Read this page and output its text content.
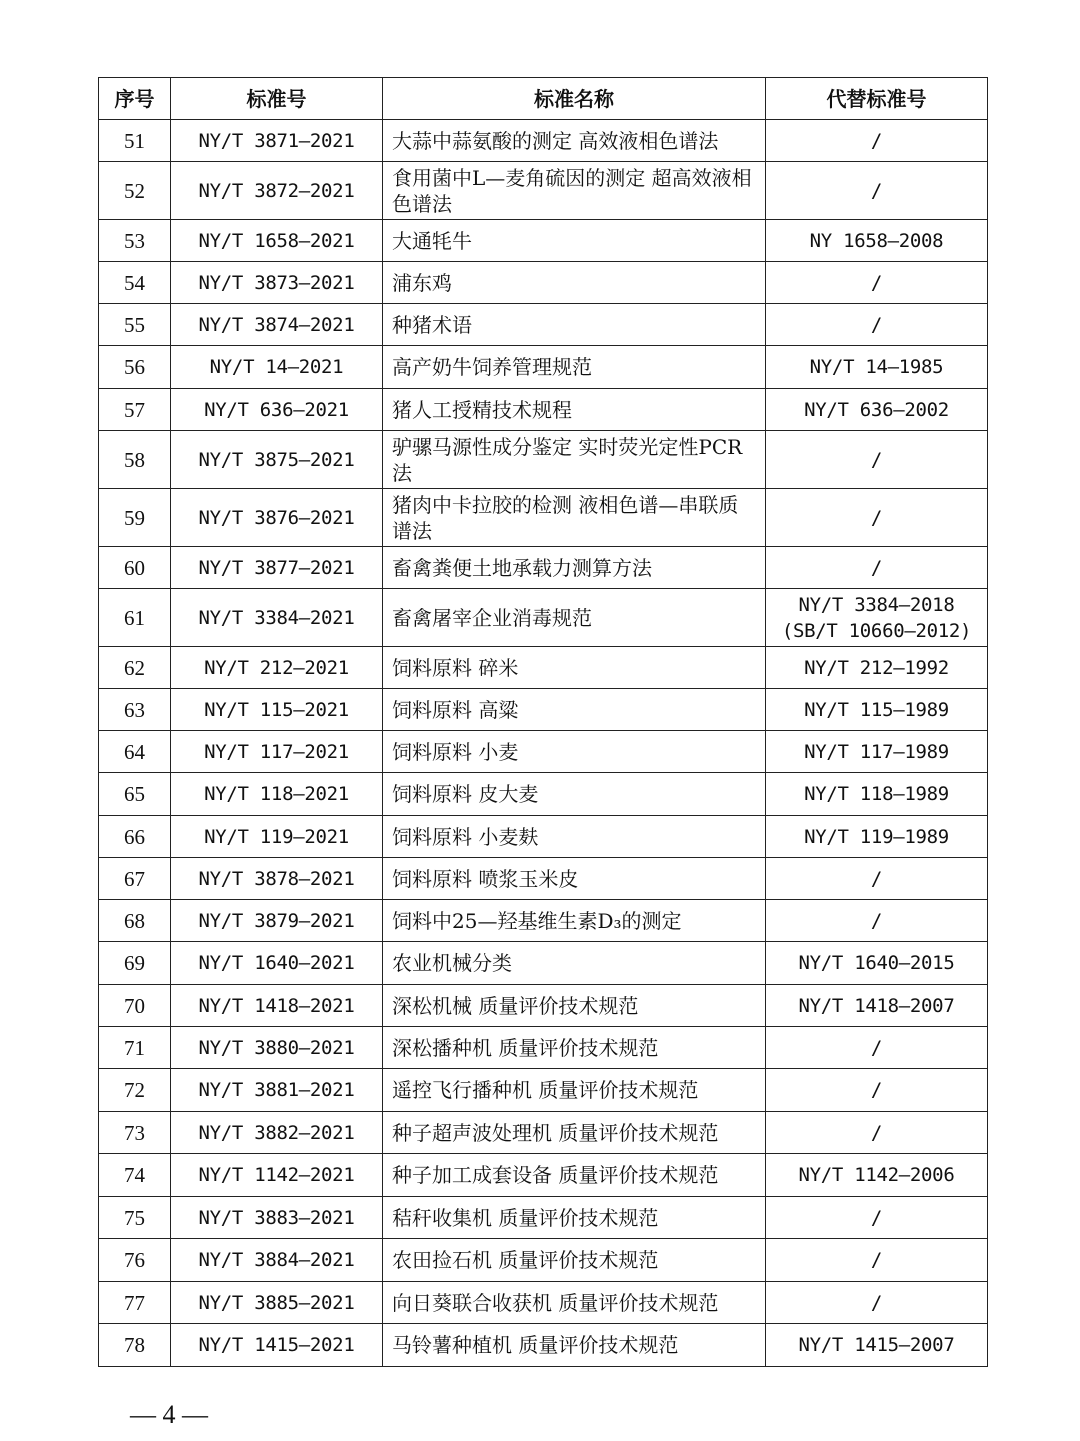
序号	标准号	标准名称	代替标准号
51	NY/T 3871—2021	大蒜中蒜氨酸的测定 高效液相色谱法	/
52	NY/T 3872—2021	食用菌中L—麦角硫因的测定 超高效液相色谱法	/
53	NY/T 1658—2021	大通牦牛	NY 1658—2008
54	NY/T 3873—2021	浦东鸡	/
55	NY/T 3874—2021	种猪术语	/
56	NY/T 14—2021	高产奶牛饲养管理规范	NY/T 14—1985
57	NY/T 636—2021	猪人工授精技术规程	NY/T 636—2002
58	NY/T 3875—2021	驴骡马源性成分鉴定 实时荧光定性PCR法	/
59	NY/T 3876—2021	猪肉中卡拉胶的检测 液相色谱—串联质谱法	/
60	NY/T 3877—2021	畜禽粪便土地承载力测算方法	/
61	NY/T 3384—2021	畜禽屠宰企业消毒规范	NY/T 3384—2018
(SB/T 10660—2012)

62	NY/T 212—2021	饲料原料 碎米	NY/T 212—1992
63	NY/T 115—2021	饲料原料 高粱	NY/T 115—1989
64	NY/T 117—2021	饲料原料 小麦	NY/T 117—1989
65	NY/T 118—2021	饲料原料 皮大麦	NY/T 118—1989
66	NY/T 119—2021	饲料原料 小麦麸	NY/T 119—1989
67	NY/T 3878—2021	饲料原料 喷浆玉米皮	/
68	NY/T 3879—2021	饲料中25—羟基维生素D₃的测定	/
69	NY/T 1640—2021	农业机械分类	NY/T 1640—2015
70	NY/T 1418—2021	深松机械 质量评价技术规范	NY/T 1418—2007
71	NY/T 3880—2021	深松播种机 质量评价技术规范	/
72	NY/T 3881—2021	遥控飞行播种机 质量评价技术规范	/
73	NY/T 3882—2021	种子超声波处理机 质量评价技术规范	/
74	NY/T 1142—2021	种子加工成套设备 质量评价技术规范	NY/T 1142—2006
75	NY/T 3883—2021	秸秆收集机 质量评价技术规范	/
76	NY/T 3884—2021	农田捡石机 质量评价技术规范	/
77	NY/T 3885—2021	向日葵联合收获机 质量评价技术规范	/
78	NY/T 1415—2021	马铃薯种植机 质量评价技术规范	NY/T 1415—2007
— 4 —
